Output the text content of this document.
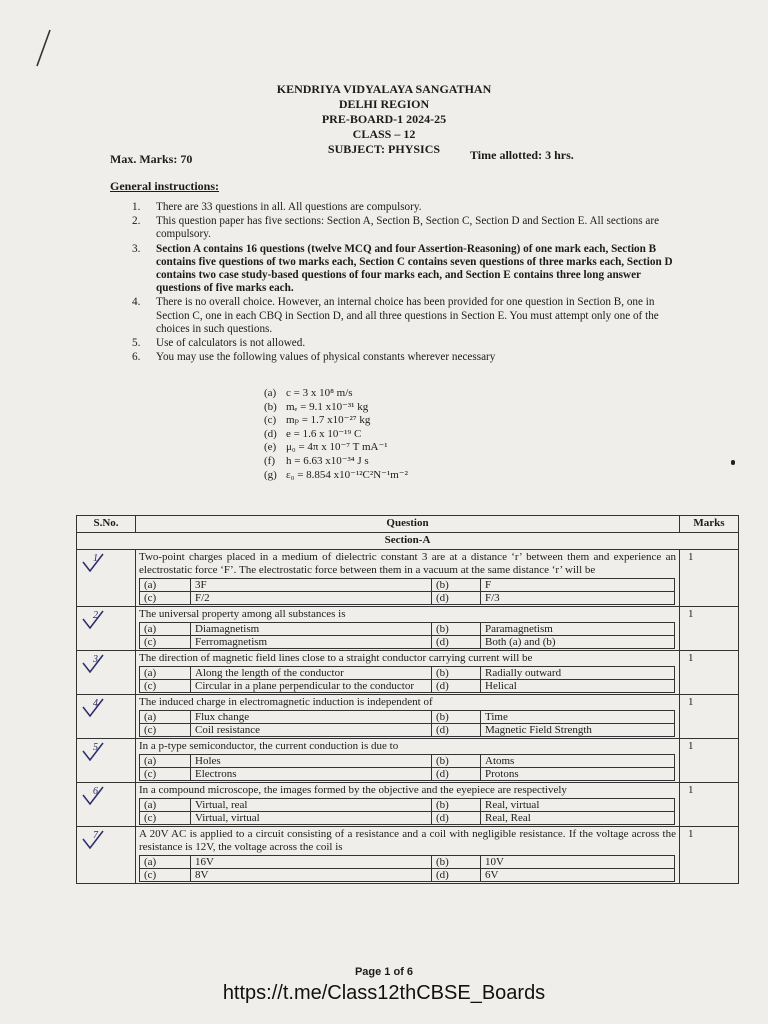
KENDRIYA VIDYALAYA SANGATHAN
DELHI REGION
PRE-BOARD-1 2024-25
CLASS – 12
SUBJECT: PHYSICS
Max. Marks: 70	Time allotted: 3 hrs.
General instructions:
1. There are 33 questions in all. All questions are compulsory.
2. This question paper has five sections: Section A, Section B, Section C, Section D and Section E. All sections are compulsory.
3. Section A contains 16 questions (twelve MCQ and four Assertion-Reasoning) of one mark each, Section B contains five questions of two marks each, Section C contains seven questions of three marks each, Section D contains two case study-based questions of four marks each, and Section E contains three long answer questions of five marks each.
4. There is no overall choice. However, an internal choice has been provided for one question in Section B, one in Section C, one in each CBQ in Section D, and all three questions in Section E. You must attempt only one of the choices in such questions.
5. Use of calculators is not allowed.
6. You may use the following values of physical constants wherever necessary
(a) c = 3 x 10⁸ m/s
(b) mₑ = 9.1 x10⁻³¹ kg
(c) mₚ = 1.7 x10⁻²⁷ kg
(d) e = 1.6 x 10⁻¹⁹ C
(e) μ₀ = 4π x 10⁻⁷ T mA⁻¹
(f) h = 6.63 x10⁻³⁴ J s
(g) ε₀ = 8.854 x10⁻¹²C²N⁻¹m⁻²
S.No.	Question	Marks
Section-A

1	Two-point charges placed in a medium of dielectric constant 3 are at a distance ‘r’ between them and experience an electrostatic force ‘F’. The electrostatic force between them in a vacuum at the same distance ‘r’ will be
(a)	3F	(b)	F
(c)	F/2	(d)	F/3
	1

2	The universal property among all substances is
(a)	Diamagnetism	(b)	Paramagnetism
(c)	Ferromagnetism	(d)	Both (a) and (b)
	1

3	The direction of magnetic field lines close to a straight conductor carrying current will be
(a)	Along the length of the conductor	(b)	Radially outward
(c)	Circular in a plane perpendicular to the conductor	(d)	Helical
	1

4	The induced charge in electromagnetic induction is independent of
(a)	Flux change	(b)	Time
(c)	Coil resistance	(d)	Magnetic Field Strength
	1

5	In a p-type semiconductor, the current conduction is due to
(a)	Holes	(b)	Atoms
(c)	Electrons	(d)	Protons
	1

6	In a compound microscope, the images formed by the objective and the eyepiece are respectively
(a)	Virtual, real	(b)	Real, virtual
(c)	Virtual, virtual	(d)	Real, Real
	1

7	A 20V AC is applied to a circuit consisting of a resistance and a coil with negligible resistance. If the voltage across the resistance is 12V, the voltage across the coil is
(a)	16V	(b)	10V
(c)	8V	(d)	6V
	1
Page 1 of 6
https://t.me/Class12thCBSE_Boards
